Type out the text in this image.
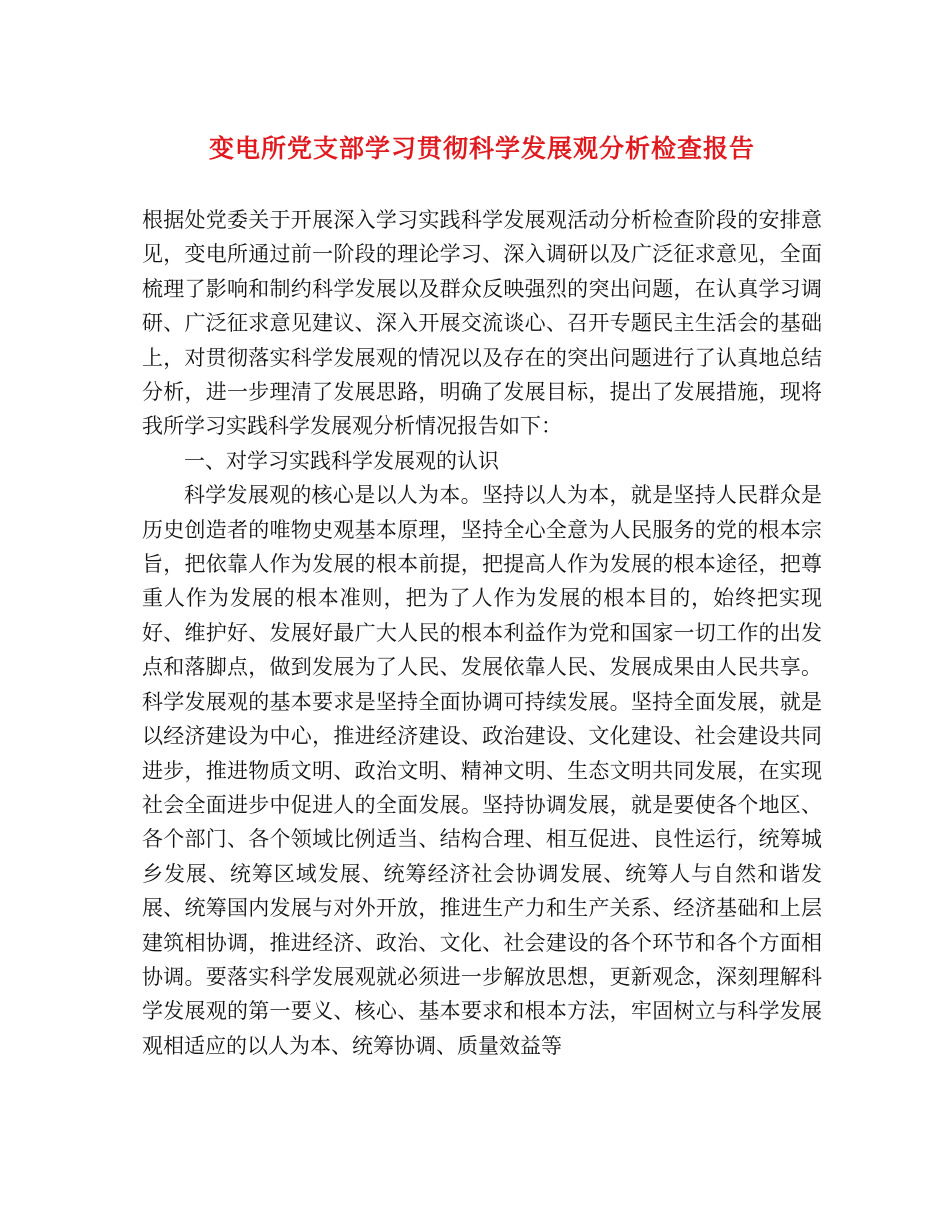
变电所党支部学习贯彻科学发展观分析检查报告

根据处党委关于开展深入学习实践科学发展观活动分析检查阶段的安排意见，变电所通过前一阶段的理论学习、深入调研以及广泛征求意见，全面梳理了影响和制约科学发展以及群众反映强烈的突出问题，在认真学习调研、广泛征求意见建议、深入开展交流谈心、召开专题民主生活会的基础上，对贯彻落实科学发展观的情况以及存在的突出问题进行了认真地总结分析，进一步理清了发展思路，明确了发展目标，提出了发展措施，现将我所学习实践科学发展观分析情况报告如下：

一、对学习实践科学发展观的认识

科学发展观的核心是以人为本。坚持以人为本，就是坚持人民群众是历史创造者的唯物史观基本原理，坚持全心全意为人民服务的党的根本宗旨，把依靠人作为发展的根本前提，把提高人作为发展的根本途径，把尊重人作为发展的根本准则，把为了人作为发展的根本目的，始终把实现好、维护好、发展好最广大人民的根本利益作为党和国家一切工作的出发点和落脚点，做到发展为了人民、发展依靠人民、发展成果由人民共享。科学发展观的基本要求是坚持全面协调可持续发展。坚持全面发展，就是以经济建设为中心，推进经济建设、政治建设、文化建设、社会建设共同进步，推进物质文明、政治文明、精神文明、生态文明共同发展，在实现社会全面进步中促进人的全面发展。坚持协调发展，就是要使各个地区、各个部门、各个领域比例适当、结构合理、相互促进、良性运行，统筹城乡发展、统筹区域发展、统筹经济社会协调发展、统筹人与自然和谐发展、统筹国内发展与对外开放，推进生产力和生产关系、经济基础和上层建筑相协调，推进经济、政治、文化、社会建设的各个环节和各个方面相协调。要落实科学发展观就必须进一步解放思想，更新观念，深刻理解科学发展观的第一要义、核心、基本要求和根本方法，牢固树立与科学发展观相适应的以人为本、统筹协调、质量效益等
